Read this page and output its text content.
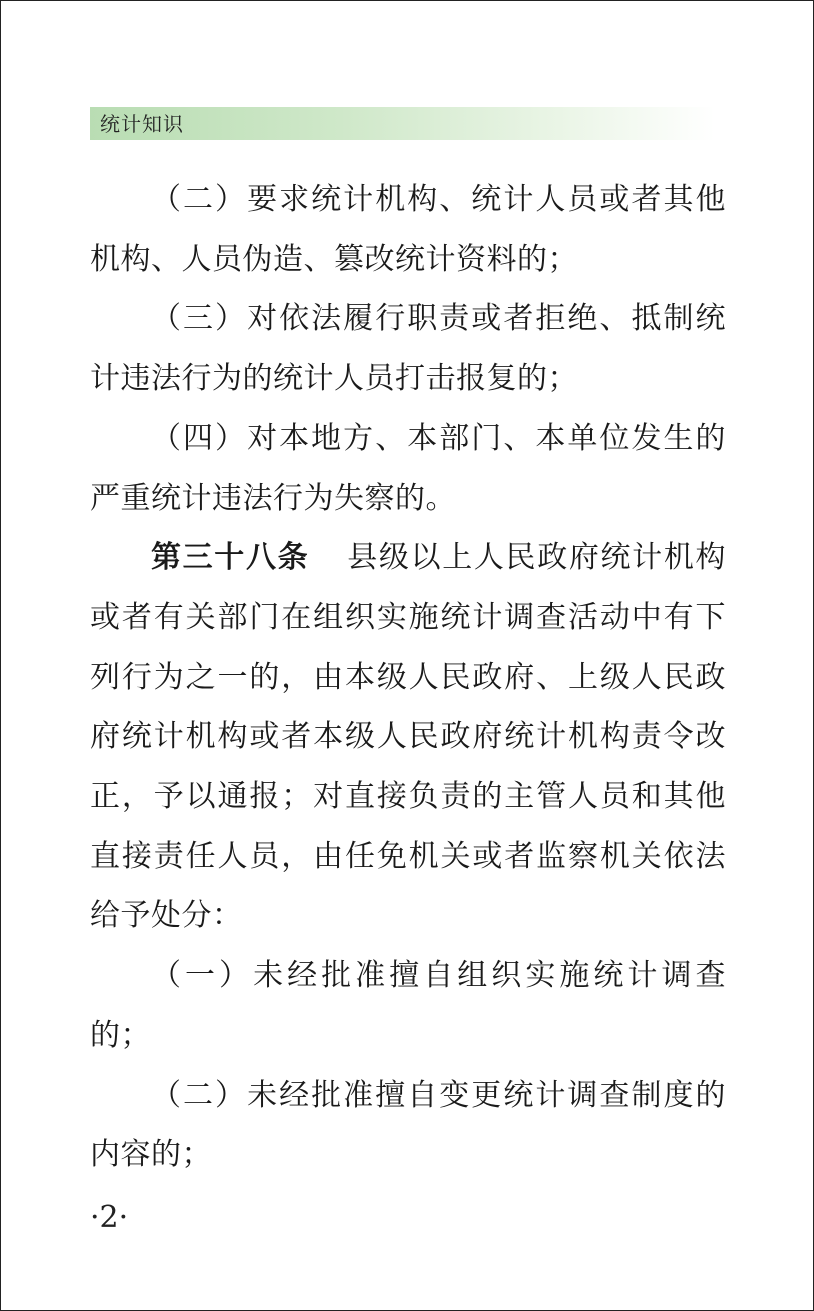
统计知识

（二）要求统计机构、统计人员或者其他机构、人员伪造、篡改统计资料的；

（三）对依法履行职责或者拒绝、抵制统计违法行为的统计人员打击报复的；

（四）对本地方、本部门、本单位发生的严重统计违法行为失察的。

第三十八条 县级以上人民政府统计机构或者有关部门在组织实施统计调查活动中有下列行为之一的，由本级人民政府、上级人民政府统计机构或者本级人民政府统计机构责令改正，予以通报；对直接负责的主管人员和其他直接责任人员，由任免机关或者监察机关依法给予处分：

（一）未经批准擅自组织实施统计调查的；

（二）未经批准擅自变更统计调查制度的内容的；

·2·
